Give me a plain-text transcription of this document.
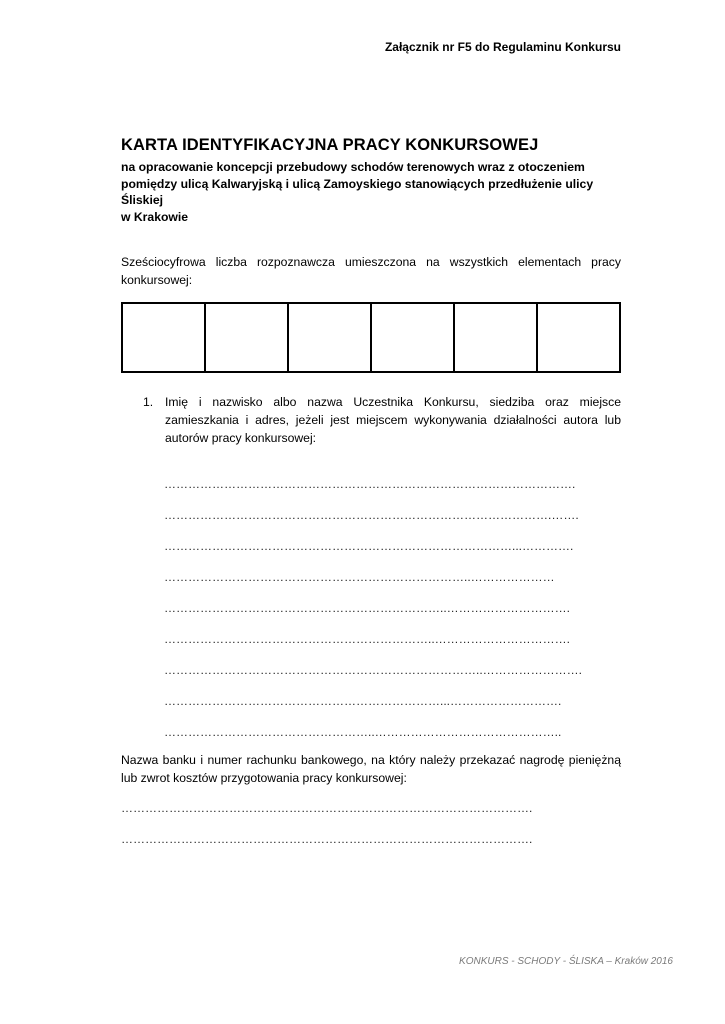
Załącznik nr F5 do Regulaminu Konkursu
KARTA IDENTYFIKACYJNA PRACY KONKURSOWEJ
na opracowanie koncepcji przebudowy schodów terenowych wraz z otoczeniem
pomiędzy ulicą Kalwaryjską i ulicą Zamoyskiego stanowiących przedłużenie ulicy Śliskiej
w Krakowie
Sześciocyfrowa liczba rozpoznawcza umieszczona na wszystkich elementach pracy konkursowej:
1. Imię i nazwisko albo nazwa Uczestnika Konkursu, siedziba oraz miejsce zamieszkania i adres, jeżeli jest miejscem wykonywania działalności autora lub autorów pracy konkursowej:
………………………………………………………………………………………….
…………………………………………………………………………………….…….
……………………………………………………………………………...………….
…………………………………………………………………..…………………
……………………………………………………………..………………………….
…………………………………………………………..…………………………….
……………………………………………………………………..…………………….
……………………………………………………………...……………………….
……………………………………………..………………………………………..
Nazwa banku i numer rachunku bankowego, na który należy przekazać nagrodę pieniężną lub zwrot kosztów przygotowania pracy konkursowej:
………………………………………………………………………………………….
………………………………………………………………………………………….
KONKURS - SCHODY - ŚLISKA – Kraków 2016
